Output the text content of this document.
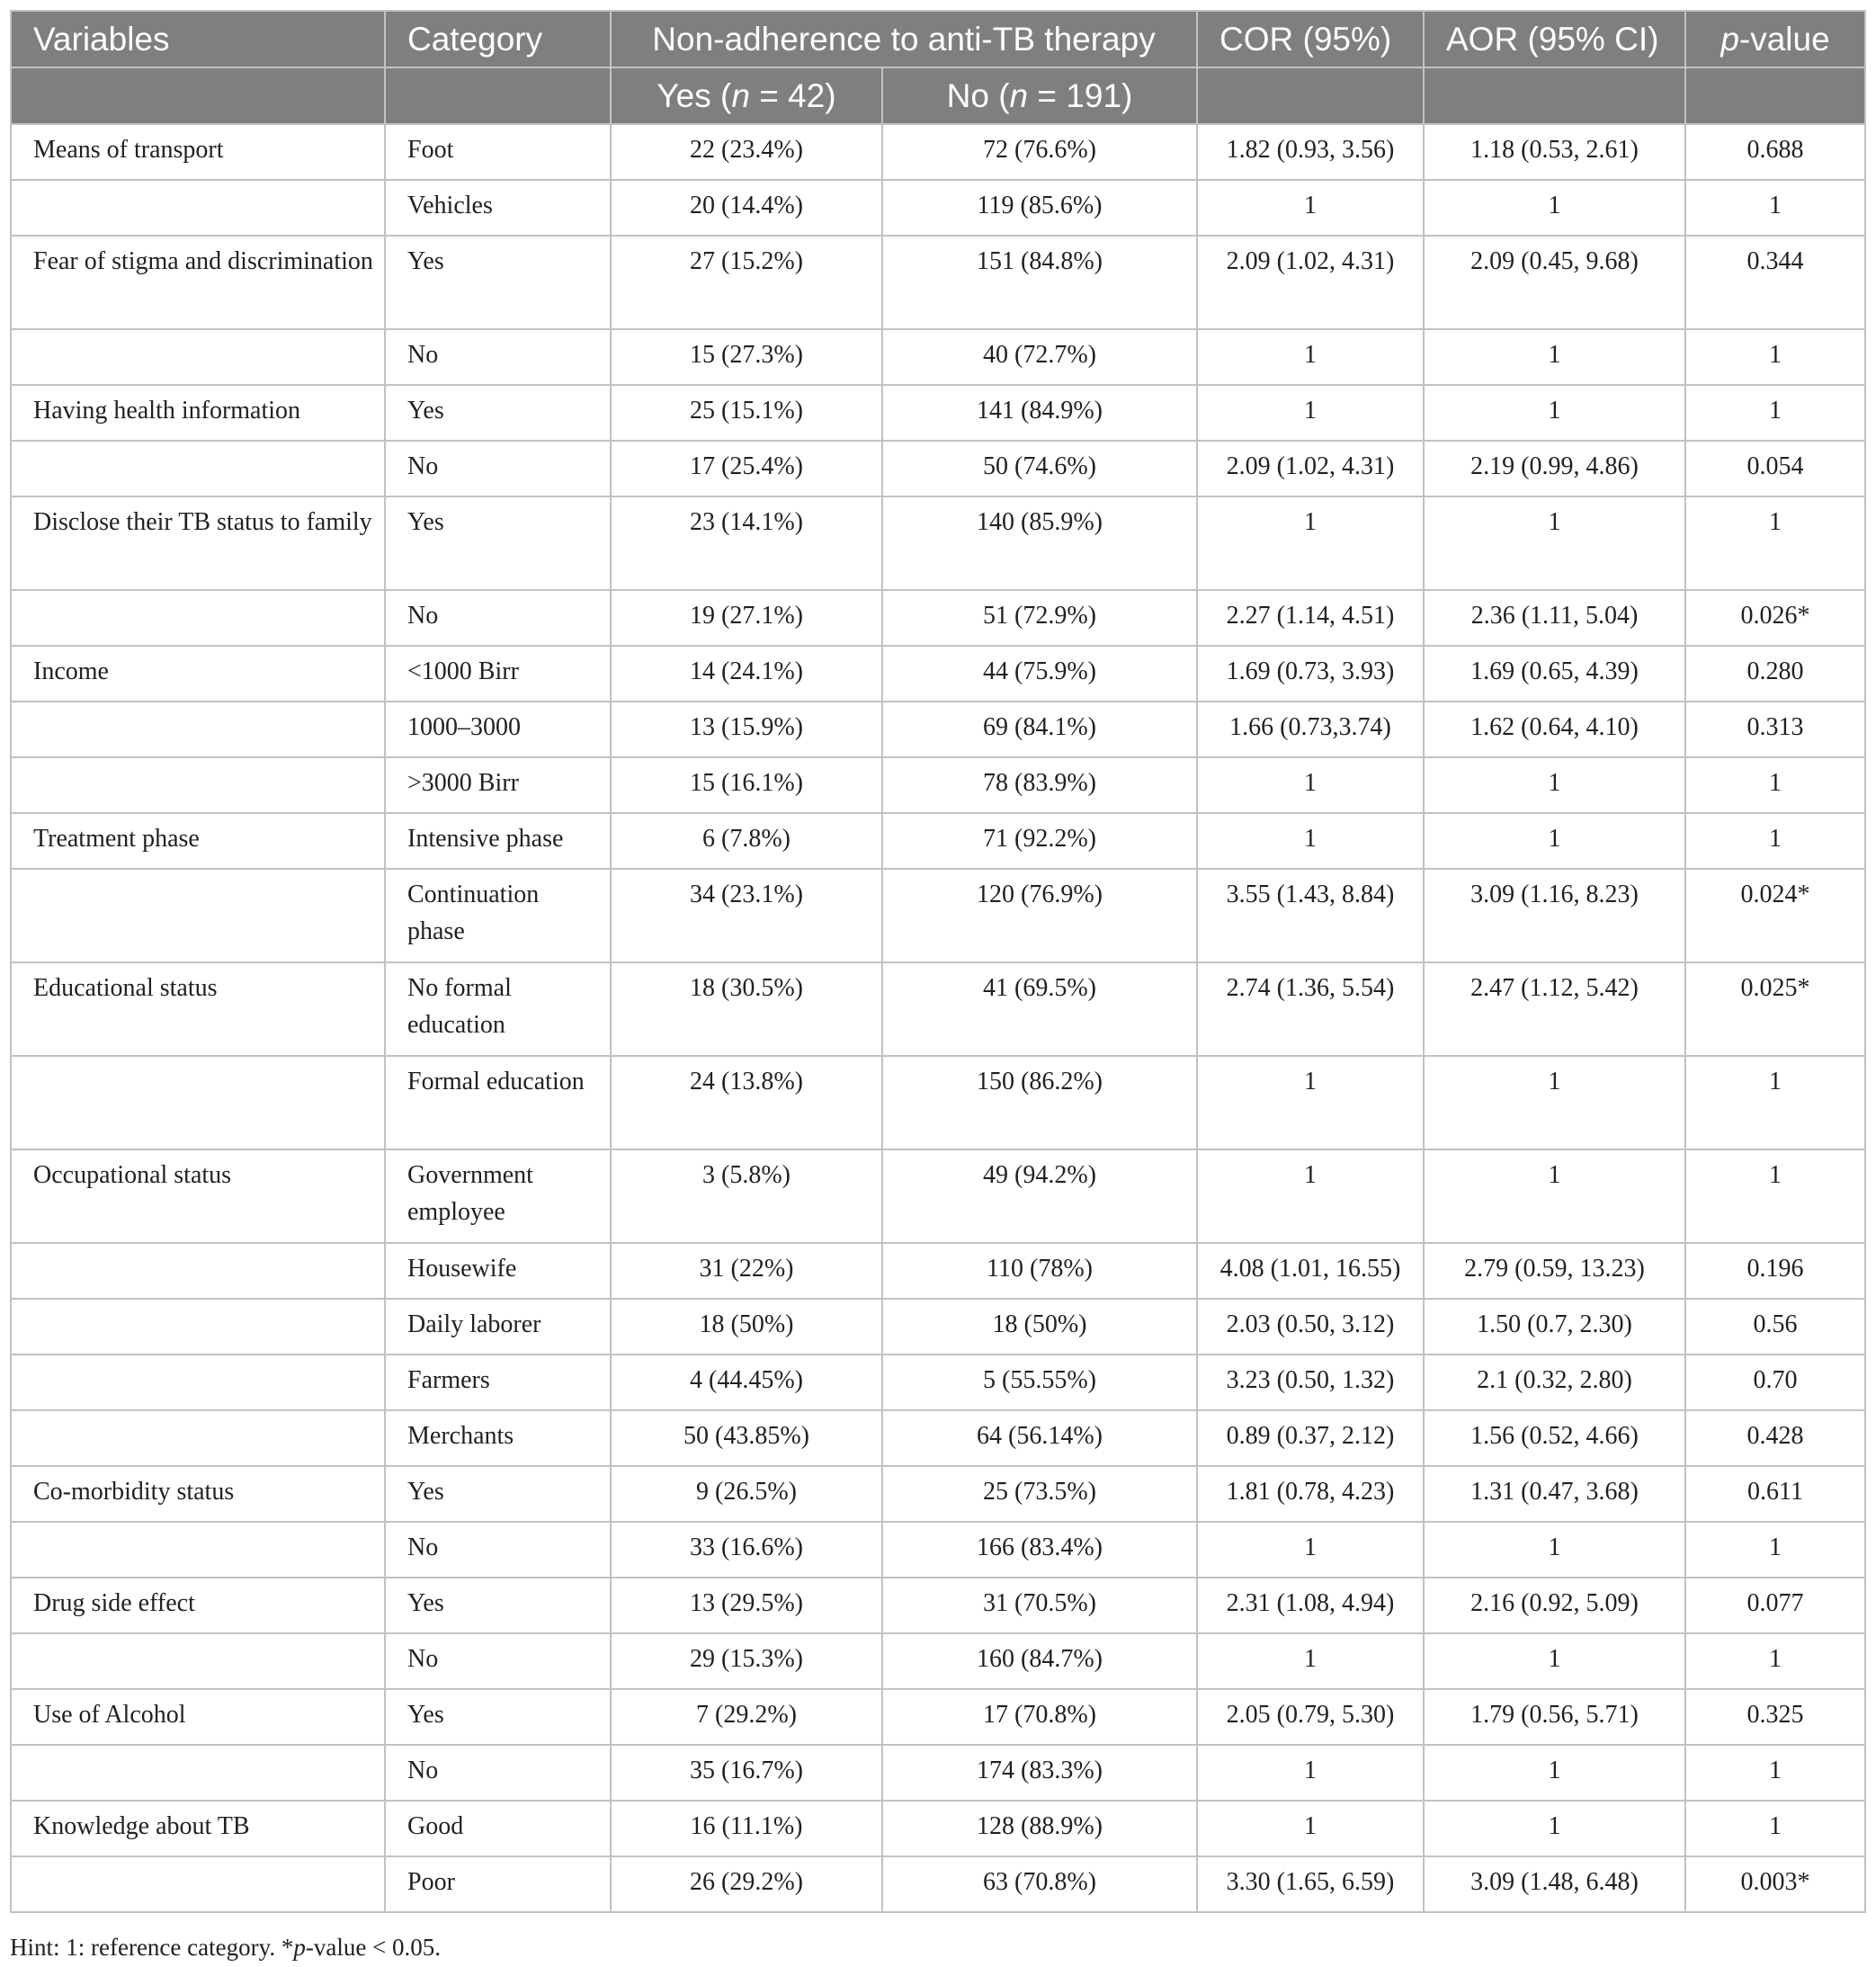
Variables	Category	Non-adherence to anti-TB therapy		COR (95%)	AOR (95% CI)	p-value
		Yes (n = 42)	No (n = 191)			
Means of transport	Foot	22 (23.4%)	72 (76.6%)	1.82 (0.93, 3.56)	1.18 (0.53, 2.61)	0.688
	Vehicles	20 (14.4%)	119 (85.6%)	1	1	1
Fear of stigma and discrimination	Yes	27 (15.2%)	151 (84.8%)	2.09 (1.02, 4.31)	2.09 (0.45, 9.68)	0.344
	No	15 (27.3%)	40 (72.7%)	1	1	1
Having health information	Yes	25 (15.1%)	141 (84.9%)	1	1	1
	No	17 (25.4%)	50 (74.6%)	2.09 (1.02, 4.31)	2.19 (0.99, 4.86)	0.054
Disclose their TB status to family	Yes	23 (14.1%)	140 (85.9%)	1	1	1
	No	19 (27.1%)	51 (72.9%)	2.27 (1.14, 4.51)	2.36 (1.11, 5.04)	0.026*
Income	<1000 Birr	14 (24.1%)	44 (75.9%)	1.69 (0.73, 3.93)	1.69 (0.65, 4.39)	0.280
	1000–3000	13 (15.9%)	69 (84.1%)	1.66 (0.73,3.74)	1.62 (0.64, 4.10)	0.313
	>3000 Birr	15 (16.1%)	78 (83.9%)	1	1	1
Treatment phase	Intensive phase	6 (7.8%)	71 (92.2%)	1	1	1
	Continuation phase	34 (23.1%)	120 (76.9%)	3.55 (1.43, 8.84)	3.09 (1.16, 8.23)	0.024*
Educational status	No formal education	18 (30.5%)	41 (69.5%)	2.74 (1.36, 5.54)	2.47 (1.12, 5.42)	0.025*
	Formal education	24 (13.8%)	150 (86.2%)	1	1	1
Occupational status	Government employee	3 (5.8%)	49 (94.2%)	1	1	1
	Housewife	31 (22%)	110 (78%)	4.08 (1.01, 16.55)	2.79 (0.59, 13.23)	0.196
	Daily laborer	18 (50%)	18 (50%)	2.03 (0.50, 3.12)	1.50 (0.7, 2.30)	0.56
	Farmers	4 (44.45%)	5 (55.55%)	3.23 (0.50, 1.32)	2.1 (0.32, 2.80)	0.70
	Merchants	50 (43.85%)	64 (56.14%)	0.89 (0.37, 2.12)	1.56 (0.52, 4.66)	0.428
Co-morbidity status	Yes	9 (26.5%)	25 (73.5%)	1.81 (0.78, 4.23)	1.31 (0.47, 3.68)	0.611
	No	33 (16.6%)	166 (83.4%)	1	1	1
Drug side effect	Yes	13 (29.5%)	31 (70.5%)	2.31 (1.08, 4.94)	2.16 (0.92, 5.09)	0.077
	No	29 (15.3%)	160 (84.7%)	1	1	1
Use of Alcohol	Yes	7 (29.2%)	17 (70.8%)	2.05 (0.79, 5.30)	1.79 (0.56, 5.71)	0.325
	No	35 (16.7%)	174 (83.3%)	1	1	1
Knowledge about TB	Good	16 (11.1%)	128 (88.9%)	1	1	1
	Poor	26 (29.2%)	63 (70.8%)	3.30 (1.65, 6.59)	3.09 (1.48, 6.48)	0.003*
Hint: 1: reference category. *p-value < 0.05.
